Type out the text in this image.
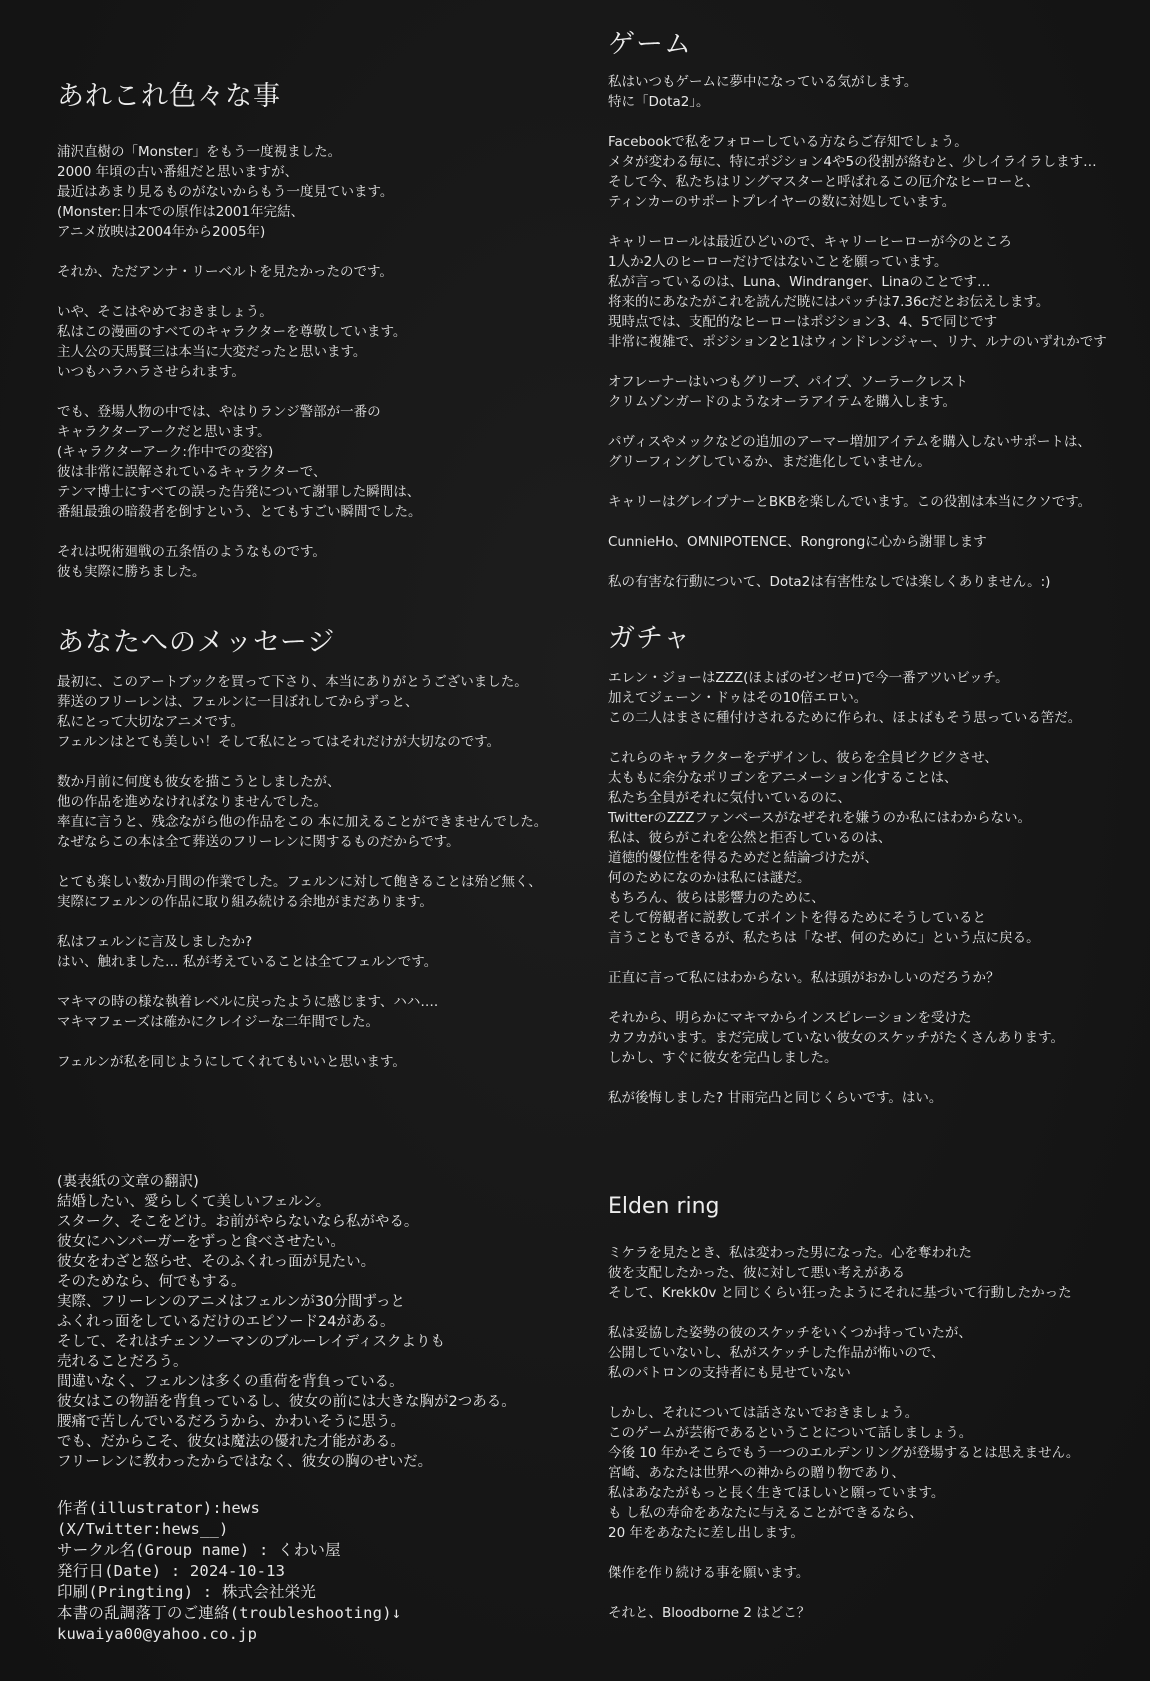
あれこれ色々な事
浦沢直樹の「Monster」をもう一度視ました。
2000 年頃の古い番組だと思いますが、
最近はあまり見るものがないからもう一度見ています。
(Monster:日本での原作は2001年完結、
アニメ放映は2004年から2005年)
それか、ただアンナ・リーベルトを見たかったのです。
いや、そこはやめておきましょう。
私はこの漫画のすべてのキャラクターを尊敬しています。
主人公の天馬賢三は本当に大変だったと思います。
いつもハラハラさせられます。
でも、登場人物の中では、やはりランジ警部が一番の
キャラクターアークだと思います。
(キャラクターアーク:作中での変容)
彼は非常に誤解されているキャラクターで、
テンマ博士にすべての誤った告発について謝罪した瞬間は、
番組最強の暗殺者を倒すという、とてもすごい瞬間でした。
それは呪術廻戦の五条悟のようなものです。
彼も実際に勝ちました。
あなたへのメッセージ
最初に、このアートブックを買って下さり、本当にありがとうございました。
葬送のフリーレンは、フェルンに一目ぼれしてからずっと、
私にとって大切なアニメです。
フェルンはとても美しい！そして私にとってはそれだけが大切なのです。
数か月前に何度も彼女を描こうとしましたが、
他の作品を進めなければなりませんでした。
率直に言うと、残念ながら他の作品をこの 本に加えることができませんでした。
なぜならこの本は全て葬送のフリーレンに関するものだからです。
とても楽しい数か月間の作業でした。フェルンに対して飽きることは殆ど無く、
実際にフェルンの作品に取り組み続ける余地がまだあります。
私はフェルンに言及しましたか?
はい、触れました… 私が考えていることは全てフェルンです。
マキマの時の様な執着レベルに戻ったように感じます、ハハ….
マキマフェーズは確かにクレイジーな二年間でした。
フェルンが私を同じようにしてくれてもいいと思います。
(裏表紙の文章の翻訳)
結婚したい、愛らしくて美しいフェルン。
スターク、そこをどけ。お前がやらないなら私がやる。
彼女にハンバーガーをずっと食べさせたい。
彼女をわざと怒らせ、そのふくれっ面が見たい。
そのためなら、何でもする。
実際、フリーレンのアニメはフェルンが30分間ずっと
ふくれっ面をしているだけのエピソード24がある。
そして、それはチェンソーマンのブルーレイディスクよりも
売れることだろう。
間違いなく、フェルンは多くの重荷を背負っている。
彼女はこの物語を背負っているし、彼女の前には大きな胸が2つある。
腰痛で苦しんでいるだろうから、かわいそうに思う。
でも、だからこそ、彼女は魔法の優れた才能がある。
フリーレンに教わったからではなく、彼女の胸のせいだ。
作者(illustrator):hews
(X/Twitter:hews__)
サークル名(Group name) : くわい屋
発行日(Date) : 2024-10-13
印刷(Pringting) : 株式会社栄光
本書の乱調落丁のご連絡(troubleshooting)↓
kuwaiya00@yahoo.co.jp
ゲーム
私はいつもゲームに夢中になっている気がします。
特に「Dota2」。
Facebookで私をフォローしている方ならご存知でしょう。
メタが変わる毎に、特にポジション4や5の役割が絡むと、少しイライラします…
そして今、私たちはリングマスターと呼ばれるこの厄介なヒーローと、
ティンカーのサポートプレイヤーの数に対処しています。
キャリーロールは最近ひどいので、キャリーヒーローが今のところ
1人か2人のヒーローだけではないことを願っています。
私が言っているのは、Luna、Windranger、Linaのことです…
将来的にあなたがこれを読んだ暁にはパッチは7.36cだとお伝えします。
現時点では、支配的なヒーローはポジション3、4、5で同じです
非常に複雑で、ポジション2と1はウィンドレンジャー、リナ、ルナのいずれかです
オフレーナーはいつもグリーブ、パイプ、ソーラークレスト
クリムゾンガードのようなオーラアイテムを購入します。
パヴィスやメックなどの追加のアーマー増加アイテムを購入しないサポートは、
グリーフィングしているか、まだ進化していません。
キャリーはグレイプナーとBKBを楽しんでいます。この役割は本当にクソです。
CunnieHo、OMNIPOTENCE、Rongrongに心から謝罪します
私の有害な行動について、Dota2は有害性なしでは楽しくありません。:)
ガチャ
エレン・ジョーはZZZ(ほよばのゼンゼロ)で今一番アツいビッチ。
加えてジェーン・ドゥはその10倍エロい。
この二人はまさに種付けされるために作られ、ほよばもそう思っている筈だ。
これらのキャラクターをデザインし、彼らを全員ビクビクさせ、
太ももに余分なポリゴンをアニメーション化することは、
私たち全員がそれに気付いているのに、
TwitterのZZZファンベースがなぜそれを嫌うのか私にはわからない。
私は、彼らがこれを公然と拒否しているのは、
道徳的優位性を得るためだと結論づけたが、
何のためになのかは私には謎だ。
もちろん、彼らは影響力のために、
そして傍観者に説教してポイントを得るためにそうしていると
言うこともできるが、私たちは「なぜ、何のために」という点に戻る。
正直に言って私にはわからない。私は頭がおかしいのだろうか？
それから、明らかにマキマからインスピレーションを受けた
カフカがいます。まだ完成していない彼女のスケッチがたくさんあります。
しかし、すぐに彼女を完凸しました。
私が後悔しました? 甘雨完凸と同じくらいです。はい。
Elden ring
ミケラを見たとき、私は変わった男になった。心を奪われた
彼を支配したかった、彼に対して悪い考えがある
そして、Krekk0v と同じくらい狂ったようにそれに基づいて行動したかった
私は妥協した姿勢の彼のスケッチをいくつか持っていたが、
公開していないし、私がスケッチした作品が怖いので、
私のパトロンの支持者にも見せていない
しかし、それについては話さないでおきましょう。
このゲームが芸術であるということについて話しましょう。
今後 10 年かそこらでもう一つのエルデンリングが登場するとは思えません。
宮崎、あなたは世界への神からの贈り物であり、
私はあなたがもっと長く生きてほしいと願っています。
も し私の寿命をあなたに与えることができるなら、
20 年をあなたに差し出します。
傑作を作り続ける事を願います。
それと、Bloodborne 2 はどこ？
